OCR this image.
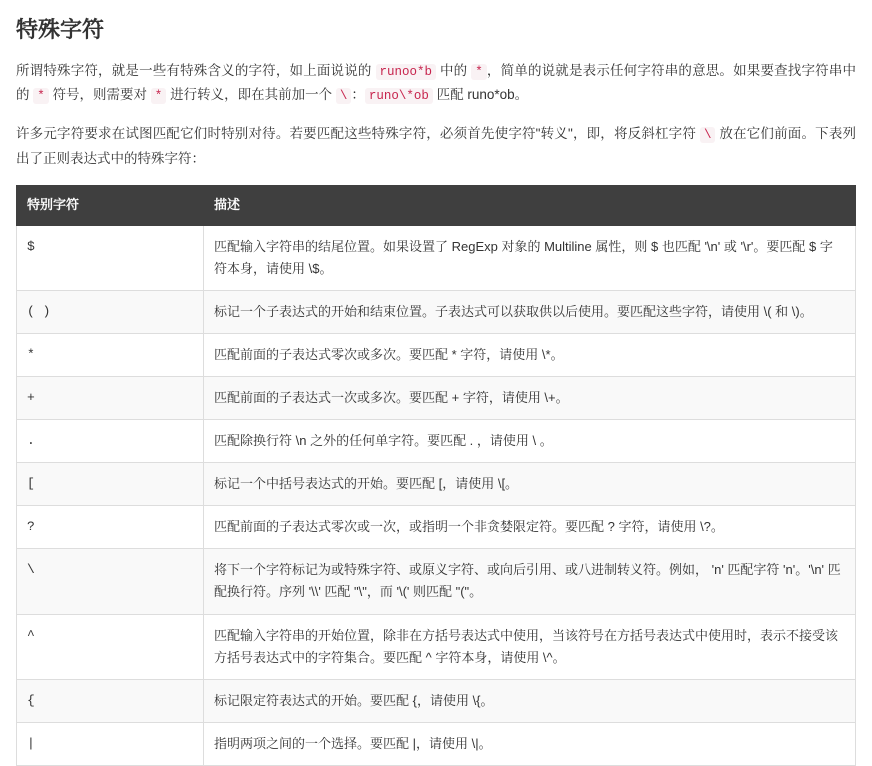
特殊字符

所谓特殊字符，就是一些有特殊含义的字符，如上面说说的 runoo*b 中的 * ，简单的说就是表示任何字符串的意思。如果要查找字符串中的 * 符号，则需要对 * 进行转义，即在其前加一个 \ ： runo\*ob 匹配 runo*ob。

许多元字符要求在试图匹配它们时特别对待。若要匹配这些特殊字符，必须首先使字符"转义"，即，将反斜杠字符 \ 放在它们前面。下表列出了正则表达式中的特殊字符：

特别字符	描述
$	匹配输入字符串的结尾位置。如果设置了 RegExp 对象的 Multiline 属性，则 $ 也匹配 '\n' 或 '\r'。要匹配 $ 字符本身，请使用 \$。
( )	标记一个子表达式的开始和结束位置。子表达式可以获取供以后使用。要匹配这些字符，请使用 \( 和 \)。
*	匹配前面的子表达式零次或多次。要匹配 * 字符，请使用 \*。
+	匹配前面的子表达式一次或多次。要匹配 + 字符，请使用 \+。
.	匹配除换行符 \n 之外的任何单字符。要匹配 . ，请使用 \ 。
[	标记一个中括号表达式的开始。要匹配 [，请使用 \[。
?	匹配前面的子表达式零次或一次，或指明一个非贪婪限定符。要匹配 ? 字符，请使用 \?。
\	将下一个字符标记为或特殊字符、或原义字符、或向后引用、或八进制转义符。例如， 'n' 匹配字符 'n'。'\n' 匹配换行符。序列 '\\' 匹配 "\"，而 '\(' 则匹配 "("。
^	匹配输入字符串的开始位置，除非在方括号表达式中使用，当该符号在方括号表达式中使用时，表示不接受该方括号表达式中的字符集合。要匹配 ^ 字符本身，请使用 \^。
{	标记限定符表达式的开始。要匹配 {，请使用 \{。
|	指明两项之间的一个选择。要匹配 |，请使用 \|。
